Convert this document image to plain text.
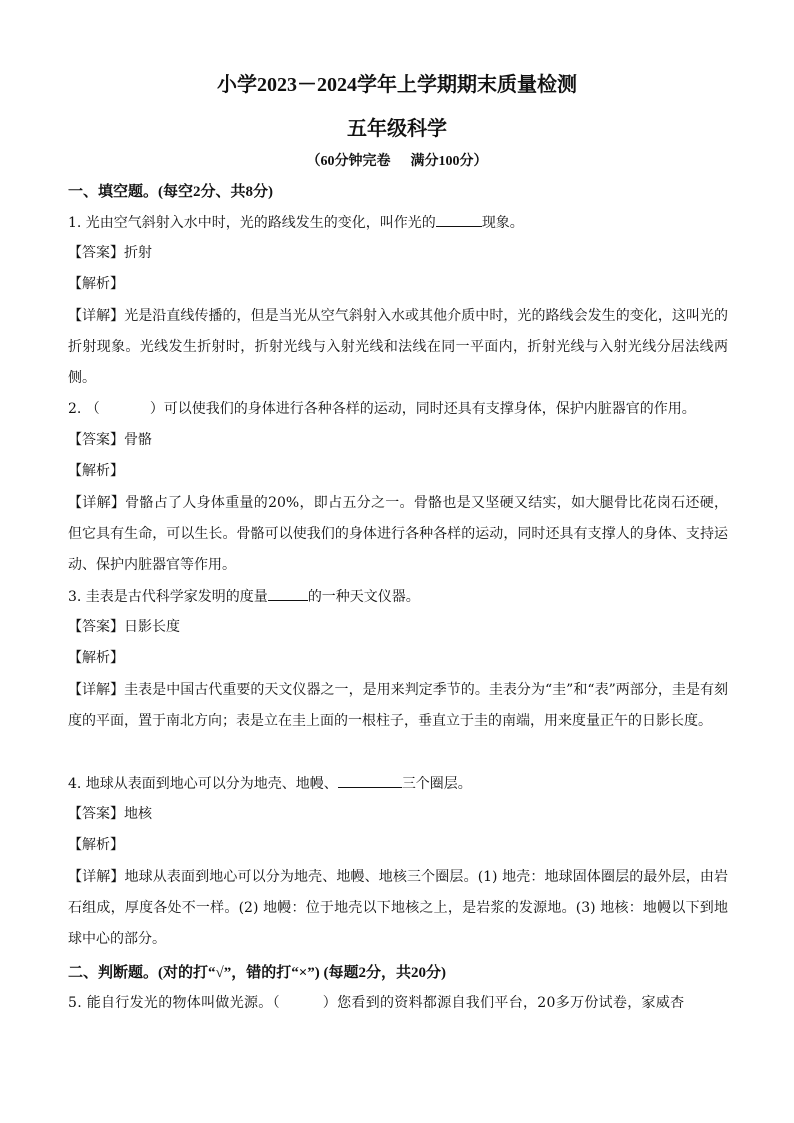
小学2023－2024学年上学期期末质量检测
五年级科学
（60分钟完卷 满分100分）
一、填空题。(每空2分、共8分)
1. 光由空气斜射入水中时，光的路线发生的变化，叫作光的	现象。
【答案】折射
【解析】
【详解】光是沿直线传播的，但是当光从空气斜射入水或其他介质中时，光的路线会发生的变化，这叫光的折射现象。光线发生折射时，折射光线与入射光线和法线在同一平面内，折射光线与入射光线分居法线两侧。
2. （	）可以使我们的身体进行各种各样的运动，同时还具有支撑身体，保护内脏器官的作用。
【答案】骨骼
【解析】
【详解】骨骼占了人身体重量的20%，即占五分之一。骨骼也是又坚硬又结实，如大腿骨比花岗石还硬，但它具有生命，可以生长。骨骼可以使我们的身体进行各种各样的运动，同时还具有支撑人的身体、支持运动、保护内脏器官等作用。
3. 圭表是古代科学家发明的度量	的一种天文仪器。
【答案】日影长度
【解析】
【详解】圭表是中国古代重要的天文仪器之一，是用来判定季节的。圭表分为“圭”和“表”两部分，圭是有刻度的平面，置于南北方向；表是立在圭上面的一根柱子，垂直立于圭的南端，用来度量正午的日影长度。
4. 地球从表面到地心可以分为地壳、地幔、	三个圈层。
【答案】地核
【解析】
【详解】地球从表面到地心可以分为地壳、地幔、地核三个圈层。(1) 地壳：地球固体圈层的最外层，由岩石组成，厚度各处不一样。(2) 地幔：位于地壳以下地核之上，是岩浆的发源地。(3) 地核：地幔以下到地球中心的部分。
二、判断题。(对的打“√”，错的打“×”) (每题2分，共20分)
5. 能自行发光的物体叫做光源。（　　　）您看到的资料都源自我们平台，20多万份试卷，家威杏
